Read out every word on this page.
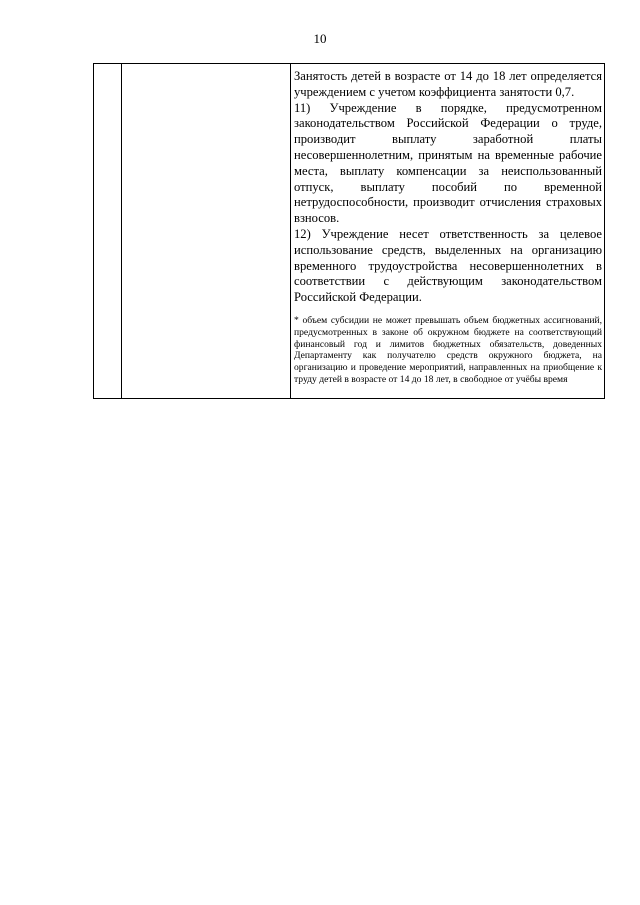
10

Занятость детей в возрасте от 14 до 18 лет определяется учреждением с учетом коэффициента занятости 0,7.

11) Учреждение в порядке, предусмотренном законодательством Российской Федерации о труде, производит выплату заработной платы несовершеннолетним, принятым на временные рабочие места, выплату компенсации за неиспользованный отпуск, выплату пособий по временной нетрудоспособности, производит отчисления страховых взносов.

12) Учреждение несет ответственность за целевое использование средств, выделенных на организацию временного трудоустройства несовершеннолетних в соответствии с действующим законодательством Российской Федерации.

* объем субсидии не может превышать объем бюджетных ассигнований, предусмотренных в законе об окружном бюджете на соответствующий финансовый год и лимитов бюджетных обязательств, доведенных Департаменту как получателю средств окружного бюджета, на организацию и проведение мероприятий, направленных на приобщение к труду детей в возрасте от 14 до 18 лет, в свободное от учёбы время
